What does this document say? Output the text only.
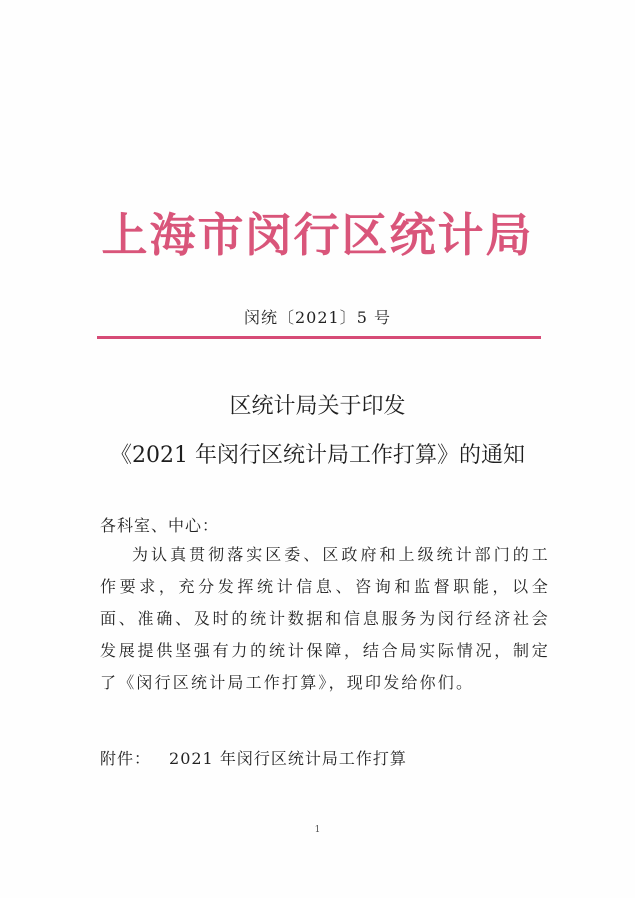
上海市闵行区统计局
闵统〔2021〕5 号
区统计局关于印发
《2021 年闵行区统计局工作打算》的通知
各科室、中心：
为认真贯彻落实区委、区政府和上级统计部门的工作要求，充分发挥统计信息、咨询和监督职能，以全面、准确、及时的统计数据和信息服务为闵行经济社会发展提供坚强有力的统计保障，结合局实际情况，制定了《闵行区统计局工作打算》，现印发给你们。
附件： 2021 年闵行区统计局工作打算
1
